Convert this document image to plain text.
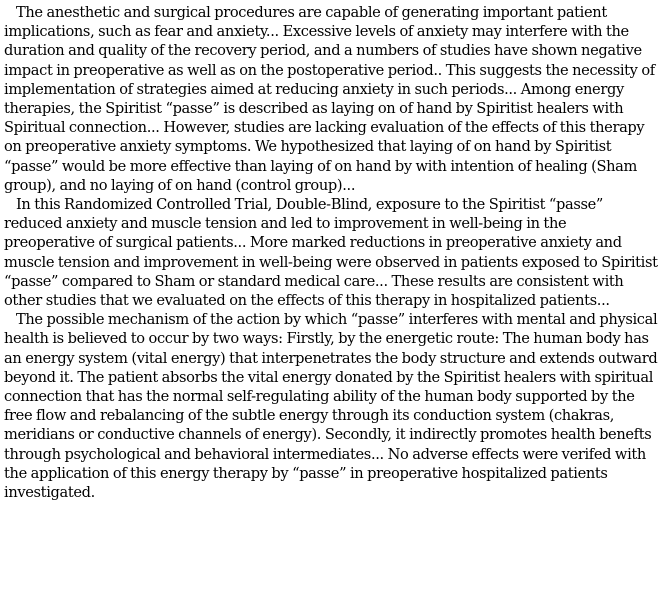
The anesthetic and surgical procedures are capable of generating important patient implications, such as fear and anxiety... Excessive levels of anxiety may interfere with the duration and quality of the recovery period, and a numbers of studies have shown negative impact in preoperative as well as on the postoperative period.. This suggests the necessity of implementation of strategies aimed at reducing anxiety in such periods... Among energy therapies, the Spiritist “passe” is described as laying on of hand by Spiritist healers with Spiritual connection... However, studies are lacking evaluation of the effects of this therapy on preoperative anxiety symptoms. We hypothesized that laying of on hand by Spiritist “passe” would be more effective than laying of on hand by with intention of healing (Sham group), and no laying of on hand (control group)...

In this Randomized Controlled Trial, Double-Blind, exposure to the Spiritist “passe” reduced anxiety and muscle tension and led to improvement in well-being in the preoperative of surgical patients... More marked reductions in preoperative anxiety and muscle tension and improvement in well-being were observed in patients exposed to Spiritist “passe” compared to Sham or standard medical care... These results are consistent with other studies that we evaluated on the effects of this therapy in hospitalized patients...

The possible mechanism of the action by which “passe” interferes with mental and physical health is believed to occur by two ways: Firstly, by the energetic route: The human body has an energy system (vital energy) that interpenetrates the body structure and extends outward beyond it. The patient absorbs the vital energy donated by the Spiritist healers with spiritual connection that has the normal self-regulating ability of the human body supported by the free flow and rebalancing of the subtle energy through its conduction system (chakras, meridians or conductive channels of energy). Secondly, it indirectly promotes health benefts through psychological and behavioral intermediates... No adverse effects were verifed with the application of this energy therapy by “passe” in preoperative hospitalized patients investigated.
